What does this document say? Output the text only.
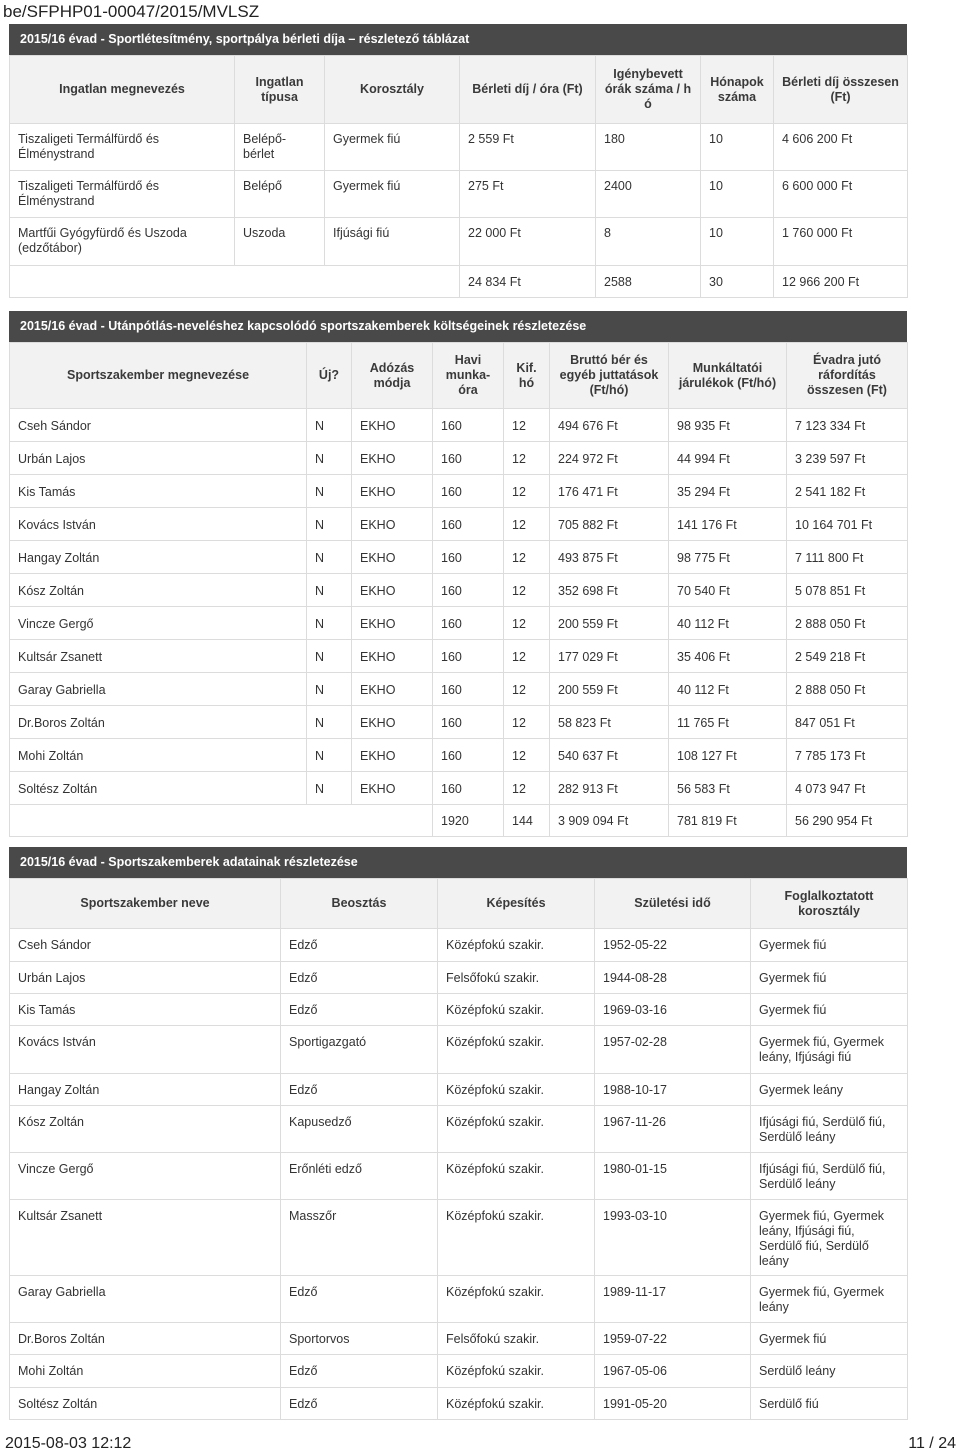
be/SFPHP01-00047/2015/MVLSZ
2015/16 évad - Sportlétesítmény, sportpálya bérleti díja – részletező táblázat
Ingatlan megnevezés	Ingatlan típusa	Korosztály	Bérleti díj / óra (Ft)	Igénybevett órák száma / h ó	Hónapok száma	Bérleti díj összesen (Ft)
Tiszaligeti Termálfürdő és Élménystrand	Belépő-bérlet	Gyermek fiú	2 559 Ft	180	10	4 606 200 Ft
Tiszaligeti Termálfürdő és Élménystrand	Belépő	Gyermek fiú	275 Ft	2400	10	6 600 000 Ft
Martfűi Gyógyfürdő és Uszoda (edzőtábor)	Uszoda	Ifjúsági fiú	22 000 Ft	8	10	1 760 000 Ft
			24 834 Ft	2588	30	12 966 200 Ft
2015/16 évad - Utánpótlás-neveléshez kapcsolódó sportszakemberek költségeinek részletezése
Sportszakember megnevezése	Új?	Adózás módja	Havi munka-óra	Kif. hó	Bruttó bér és egyéb juttatások (Ft/hó)	Munkáltatói járulékok (Ft/hó)	Évadra jutó ráfordítás összesen (Ft)
Cseh Sándor	N	EKHO	160	12	494 676 Ft	98 935 Ft	7 123 334 Ft
Urbán Lajos	N	EKHO	160	12	224 972 Ft	44 994 Ft	3 239 597 Ft
Kis Tamás	N	EKHO	160	12	176 471 Ft	35 294 Ft	2 541 182 Ft
Kovács István	N	EKHO	160	12	705 882 Ft	141 176 Ft	10 164 701 Ft
Hangay Zoltán	N	EKHO	160	12	493 875 Ft	98 775 Ft	7 111 800 Ft
Kósz Zoltán	N	EKHO	160	12	352 698 Ft	70 540 Ft	5 078 851 Ft
Vincze Gergő	N	EKHO	160	12	200 559 Ft	40 112 Ft	2 888 050 Ft
Kultsár Zsanett	N	EKHO	160	12	177 029 Ft	35 406 Ft	2 549 218 Ft
Garay Gabriella	N	EKHO	160	12	200 559 Ft	40 112 Ft	2 888 050 Ft
Dr.Boros Zoltán	N	EKHO	160	12	58 823 Ft	11 765 Ft	847 051 Ft
Mohi Zoltán	N	EKHO	160	12	540 637 Ft	108 127 Ft	7 785 173 Ft
Soltész Zoltán	N	EKHO	160	12	282 913 Ft	56 583 Ft	4 073 947 Ft
			1920	144	3 909 094 Ft	781 819 Ft	56 290 954 Ft
2015/16 évad - Sportszakemberek adatainak részletezése
Sportszakember neve	Beosztás	Képesítés	Születési idő	Foglalkoztatott korosztály
Cseh Sándor	Edző	Középfokú szakir.	1952-05-22	Gyermek fiú
Urbán Lajos	Edző	Felsőfokú szakir.	1944-08-28	Gyermek fiú
Kis Tamás	Edző	Középfokú szakir.	1969-03-16	Gyermek fiú
Kovács István	Sportigazgató	Középfokú szakir.	1957-02-28	Gyermek fiú, Gyermek leány, Ifjúsági fiú
Hangay Zoltán	Edző	Középfokú szakir.	1988-10-17	Gyermek leány
Kósz Zoltán	Kapusedző	Középfokú szakir.	1967-11-26	Ifjúsági fiú, Serdülő fiú, Serdülő leány
Vincze Gergő	Erőnléti edző	Középfokú szakir.	1980-01-15	Ifjúsági fiú, Serdülő fiú, Serdülő leány
Kultsár Zsanett	Masszőr	Középfokú szakir.	1993-03-10	Gyermek fiú, Gyermek leány, Ifjúsági fiú, Serdülő fiú, Serdülő leány
Garay Gabriella	Edző	Középfokú szakir.	1989-11-17	Gyermek fiú, Gyermek leány
Dr.Boros Zoltán	Sportorvos	Felsőfokú szakir.	1959-07-22	Gyermek fiú
Mohi Zoltán	Edző	Középfokú szakir.	1967-05-06	Serdülő leány
Soltész Zoltán	Edző	Középfokú szakir.	1991-05-20	Serdülő fiú
2015-08-03 12:12	11 / 24
